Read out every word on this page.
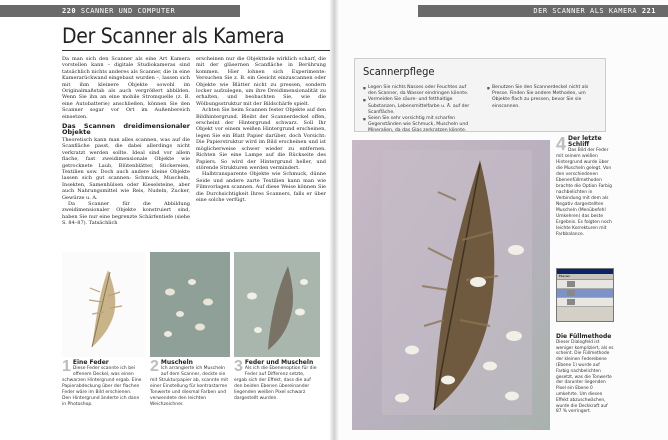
220 SCANNER UND COMPUTER
Der Scanner als Kamera

Da man sich den Scanner als eine Art Kamera vorstellen kann – digitale Studiokameras sind tatsächlich nichts anderes als Scanner, die in eine Kamerarückwand eingebaut wurden –, lassen sich mit ihm kleinere Objekte sowohl im Originalmaßstab als auch vergrößert abbilden. Wenn Sie ihn an eine mobile Stromquelle (z. B. eine Autobatterie) anschließen, können Sie den Scanner sogar vor Ort im Außenbereich einsetzen.

Das Scannen dreidimensionaler Objekte

Theoretisch kann man alles scannen, was auf die Scanfläche passt, die dabei allerdings nicht verkratzt werden sollte. Ideal sind vor allem flache, fast zweidimensionale Objekte wie getrocknete Laub, Blütenblätter, Stickereien, Textilien usw. Doch auch andere kleine Objekte lassen sich gut scannen: Schmuck, Muscheln, Insekten, Samenhülsen oder Kieselsteine, aber auch Nahrungsmittel wie Reis, Nudeln, Zucker, Gewürze u. A.

Da Scanner für die Abbildung zweidimensionaler Objekte konstruiert sind, haben Sie nur eine begrenzte Schärfentiefe (siehe S. 84–87). Tatsächlich

erscheinen nur die Objektteile wirklich scharf, die mit der gläsernen Scanfläche in Berührung kommen. Hier lohnen sich Experimente: Versuchen Sie z. B. ein Gesicht einzuscannen oder Objekte wie Blätter nicht zu pressen, sondern locker aufzulegen, um ihre Dreidimensionalität zu erhalten, und beobachten Sie, wie die Wölbungsstruktur mit der Bildschärfe spielt.

Achten Sie beim Scannen fester Objekte auf den Bildhintergrund. Bleibt der Scannerdeckel offen, erscheint der Hintergrund schwarz. Soll Ihr Objekt vor einem weißen Hintergrund erscheinen, legen Sie ein Blatt Papier darüber, doch Vorsicht: Die Papierstruktur wird im Bild erscheinen und ist möglicherweise schwer wieder zu entfernen. Richten Sie eine Lampe auf die Rückseite des Papiers. So wird der Hintergrund heller, und störende Strukturen werden vermindert.

Halbtransparente Objekte wie Schmuck, dünne Seide und andere zarte Textilien kann man wie Filmvorlagen scannen. Auf diese Weise können Sie die Durchsichtigkeit Ihres Scanners, falls er über eine solche verfügt.

1 Eine Feder
Diese Feder scannte ich bei offenem Deckel, was einen schwarzen Hintergrund ergab. Eine Papierabdeckung über der flachen Feder wäre im Bild erschienen. Den Hintergrund änderte ich dann in Photoshop.
2 Muscheln
Ich arrangierte ich Muscheln auf dem Scanner, deckte sie mit Strukturpapier ab, scannte mit einer Einstellung für kontrastarme Tonwerte und diesmal Farben und verwendete den leichten Weichzeichner.
3 Feder und Muscheln
Als ich die Ebenenoption für die Feder auf Differenz setzte, ergab sich der Effekt, dass die auf den beiden Ebenen übereinander liegenden weißen Pixel schwarz dargestellt wurden.
DER SCANNER ALS KAMERA 221
Scannerpflege
■ Legen Sie nichts Nasses oder Feuchtes auf den Scanner, da Wasser eindringen könnte.
■ Vermeiden Sie säure- und fetthaltige Substanzen, Lebensmittelfarbe u. Ä. auf der Scanfläche.
■ Seien Sie sehr vorsichtig mit scharfen Gegenständen wie Schmuck, Muscheln und Mineralien, da das Glas zerkratzen könnte.
■ Benutzen Sie den Scannerdeckel nicht als Presse. Finden Sie andere Methoden, um Objekte flach zu pressen, bevor Sie sie einscannen.
4 Der letzte Schliff
Das Bild der Feder mit seinem weißen Hintergrund wurde über die Muscheln gelegt. Von den verschiedenen Ebenenfüllmethoden brachte die Option Farbig nachbelichten in Verbindung mit dem als Negativ dargestellten Muscheln (Menübefehl Umkehren) das beste Ergebnis. Es folgten noch leichte Korrekturen mit Farbbalance.
Ebenen
Die Füllmethode
Dieser Dialogfeld ist weniger kompliziert, als es scheint. Die Füllmethode der kleinen Federebene (Ebene 1) wurde auf Farbig nachbelichten gesetzt, was die Tonwerte der darunter liegenden Pixel ein Ebene 0 umkehrte. Um diesen Effekt abzuschwächen, wurde die Deckkraft auf 87 % verringert.
